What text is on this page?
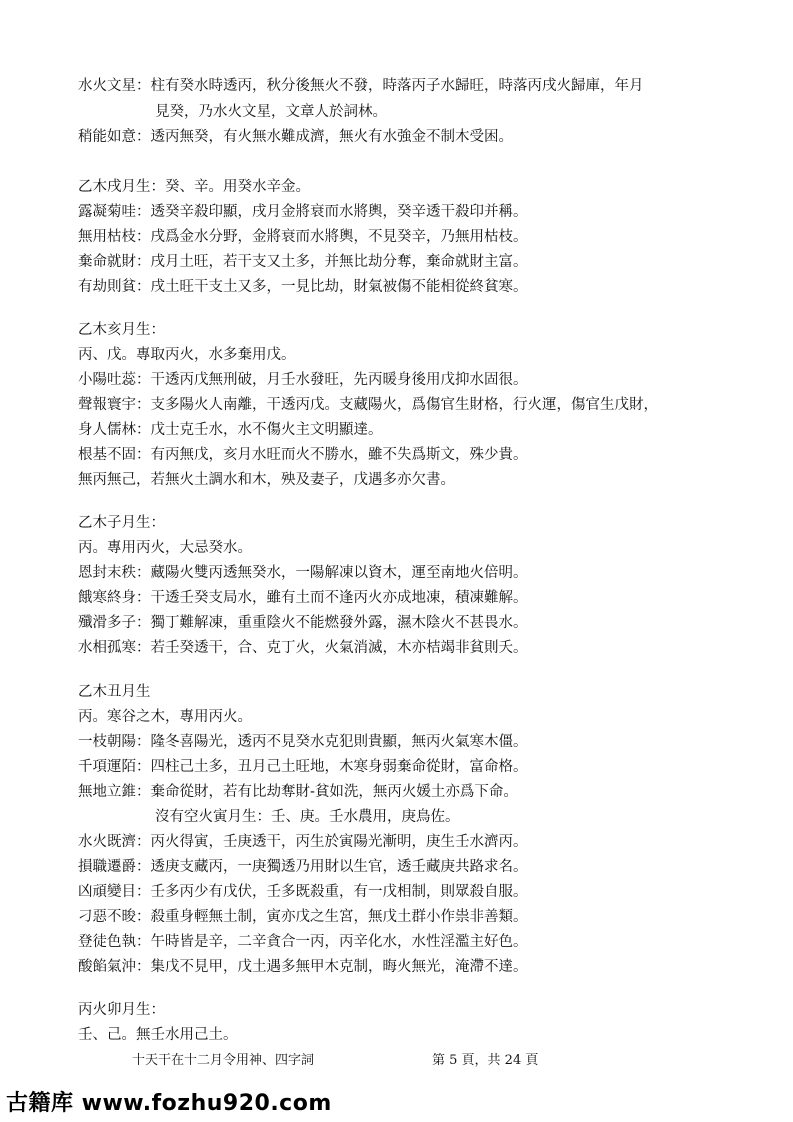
水火文星：柱有癸水時透丙，秋分後無火不發，時落丙子水歸旺，時落丙戌火歸庫，年月
見癸，乃水火文星，文章人於詞林。
稍能如意：透丙無癸，有火無水難成濟，無火有水強金不制木受困。
乙木戌月生：癸、辛。用癸水辛金。
露凝菊哇：透癸辛殺印顯，戌月金將衰而水將輿，癸辛透干殺印并稱。
無用枯枝：戌爲金水分野，金將衰而水將輿，不見癸辛，乃無用枯枝。
棄命就財：戌月土旺，若干支又土多，并無比劫分奪，棄命就財主富。
有劫則貧：戌土旺干支土又多，一見比劫，財氣被傷不能相從終貧寒。
乙木亥月生：
丙、戊。專取丙火，水多棄用戊。
小陽吐蕊：干透丙戊無刑破，月壬水發旺，先丙暖身後用戊抑水固很。
聲報寰宇：支多陽火人南離，干透丙戊。支藏陽火，爲傷官生財格，行火運，傷官生戊財，
身人儒林：戊士克壬水，水不傷火主文明顯達。
根基不固：有丙無戊，亥月水旺而火不勝水，雖不失爲斯文，殊少貴。
無丙無己，若無火土調水和木，殃及妻子，戊遇多亦欠書。
乙木子月生：
丙。專用丙火，大忌癸水。
恩封末秩：藏陽火雙丙透無癸水，一陽解凍以資木，運至南地火倍明。
餓寒終身：干透壬癸支局水，雖有土而不逢丙火亦成地凍，積凍難解。
殲滑多子：獨丁難解凍，重重陰火不能燃發外露，濕木陰火不甚畏水。
水相孤寒：若壬癸透干，合、克丁火，火氣消滅，木亦桔竭非貧則夭。
乙木丑月生
丙。寒谷之木，專用丙火。
一枝朝陽：隆冬喜陽光，透丙不見癸水克犯則貴顯，無丙火氣寒木僵。
千項運陌：四柱己土多，丑月己土旺地，木寒身弱棄命從財，富命格。
無地立錐：棄命從財，若有比劫奪財-貧如洗，無丙火媛土亦爲下命。
沒有空火寅月生：壬、庚。壬水農用，庚鳥佐。
水火既濟：丙火得寅，壬庚透干，丙生於寅陽光漸明，庚生壬水濟丙。
損職遷爵：透庚支藏丙，一庚獨透乃用財以生官，透壬藏庚共路求名。
凶頑變目：壬多丙少有戊伏，壬多既殺重，有一戊相制，則眾殺自服。
刁惡不晙：殺重身輕無土制，寅亦戊之生宮，無戊土群小作祟非善類。
登徒色執：午時皆是辛，二辛貪合一丙，丙辛化水，水性淫濫主好色。
酸餡氣沖：集戊不見甲，戊土遇多無甲木克制，晦火無光，淹滯不達。
丙火卯月生：
壬、己。無壬水用己土。
十天干在十二月令用神、四字詞	第 5 頁，共 24 頁
古籍库 www.fozhu920.com
